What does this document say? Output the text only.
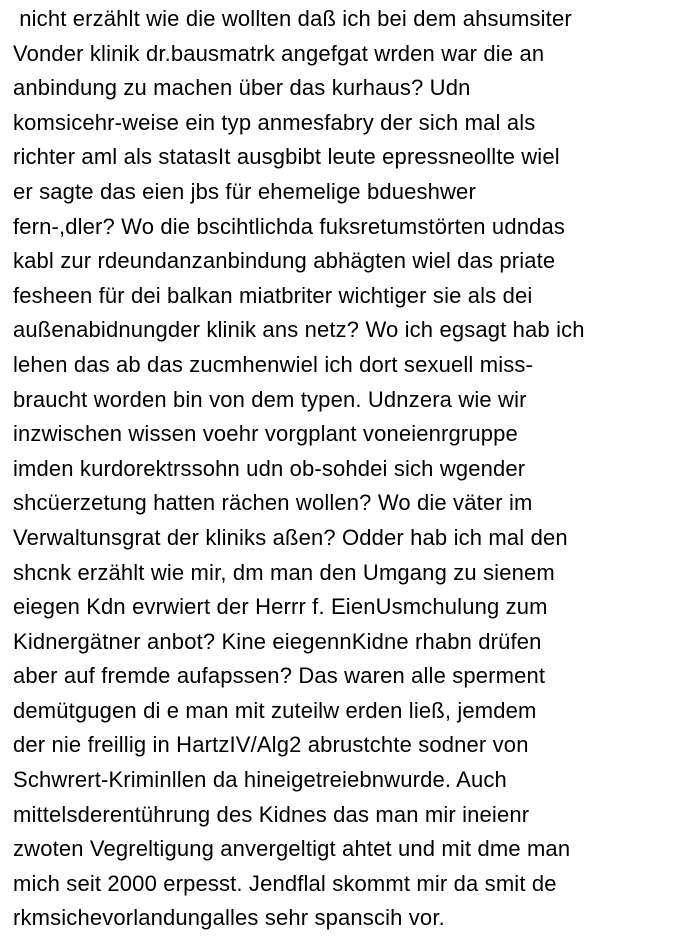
nicht erzählt wie die wollten daß ich bei dem ahsumsiter
Vonder klinik dr.bausmatrk angefgat wrden war die an
anbindung zu machen über das kurhaus? Udn
komsicehr-weise ein typ anmesfabry der sich mal als
richter aml als statasIt ausgbibt leute epressneollte wiel
er sagte das eien jbs für ehemelige bdueshwer
fern-,dler? Wo die bscihtlichda fuksretumstörten udndas
kabl zur rdeundanzanbindung abhägten wiel das priate
fesheen für dei balkan miatbriter wichtiger sie als dei
außenabidnungder klinik ans netz? Wo ich egsagt hab ich
lehen das ab das zucmhenwiel ich dort sexuell miss-
braucht worden bin von dem typen. Udnzera wie wir
inzwischen wissen voehr vorgplant voneienrgruppe
imden kurdorektrssohn udn ob-sohdei sich wgender
shcüerzetung hatten rächen wollen? Wo die väter im
Verwaltunsgrat der kliniks aßen? Odder hab ich mal den
shcnk erzählt wie mir, dm man den Umgang zu sienem
eiegen Kdn evrwiert der Herrr f. EienUsmchulung zum
Kidnergätner anbot? Kine eiegennKidne rhabn drüfen
aber auf fremde aufapssen? Das waren alle sperment
demütgugen di e man mit zuteilw erden ließ, jemdem
der nie freillig in HartzIV/Alg2 abrustchte sodner von
Schwrert-Kriminllen da hineigetreiebnwurde. Auch
mittelsderentührung des Kidnes das man mir ineienr
zwoten Vegreltigung anvergeltigt ahtet und mit dme man
mich seit 2000 erpesst. Jendflal skommt mir da smit de
rkmsichevorlandungalles sehr spanscih vor.
